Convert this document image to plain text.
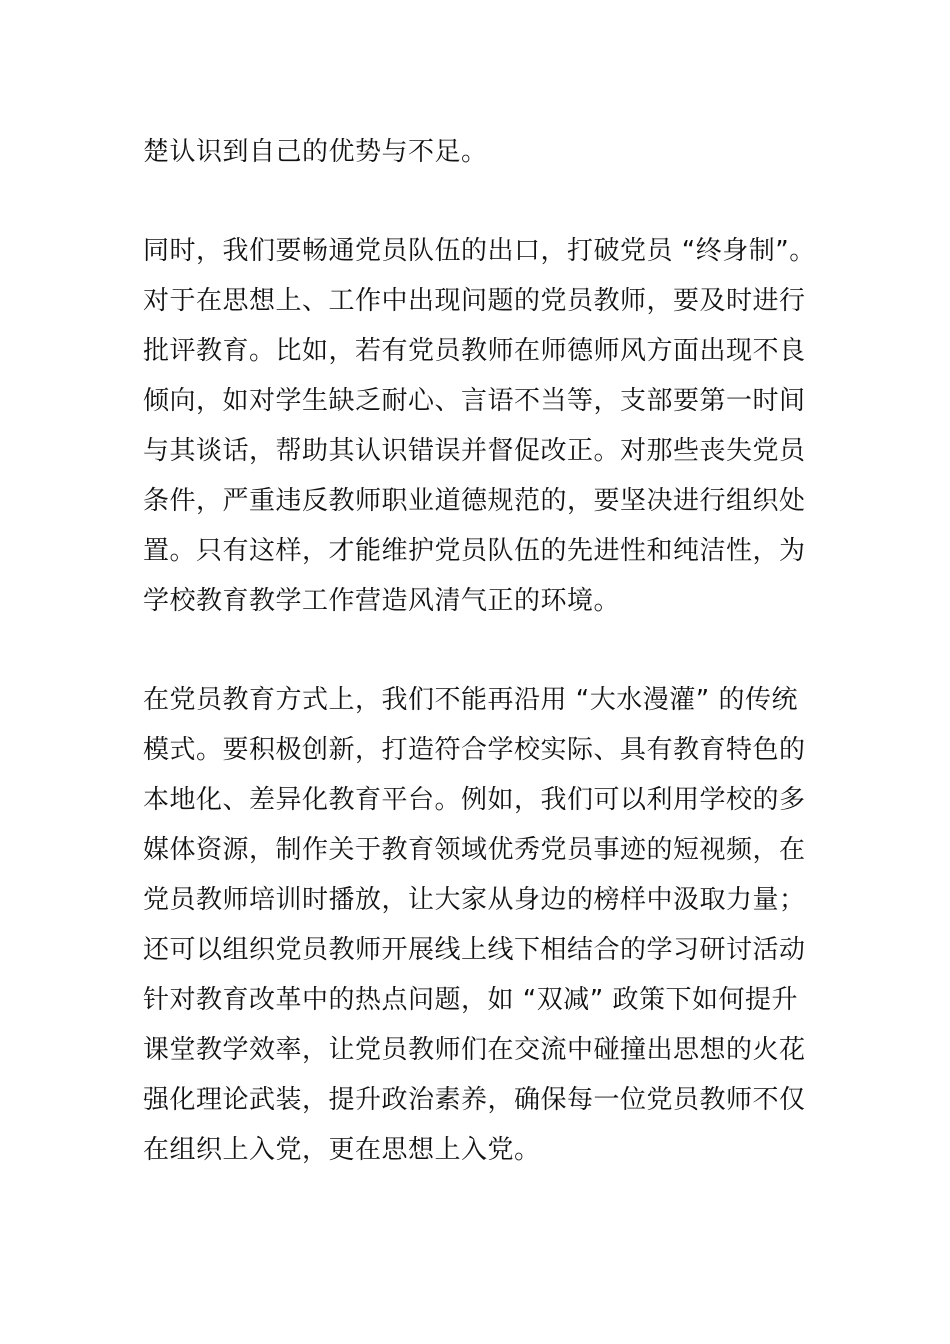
楚认识到自己的优势与不足。
同时，我们要畅通党员队伍的出口，打破党员 “终身制”。
对于在思想上、工作中出现问题的党员教师，要及时进行
批评教育。比如，若有党员教师在师德师风方面出现不良
倾向，如对学生缺乏耐心、言语不当等，支部要第一时间
与其谈话，帮助其认识错误并督促改正。对那些丧失党员
条件，严重违反教师职业道德规范的，要坚决进行组织处
置。只有这样，才能维护党员队伍的先进性和纯洁性，为
学校教育教学工作营造风清气正的环境。
在党员教育方式上，我们不能再沿用 “大水漫灌” 的传统
模式。要积极创新，打造符合学校实际、具有教育特色的
本地化、差异化教育平台。例如，我们可以利用学校的多
媒体资源，制作关于教育领域优秀党员事迹的短视频，在
党员教师培训时播放，让大家从身边的榜样中汲取力量；
还可以组织党员教师开展线上线下相结合的学习研讨活动
针对教育改革中的热点问题，如 “双减” 政策下如何提升
课堂教学效率，让党员教师们在交流中碰撞出思想的火花
强化理论武装，提升政治素养，确保每一位党员教师不仅
在组织上入党，更在思想上入党。
